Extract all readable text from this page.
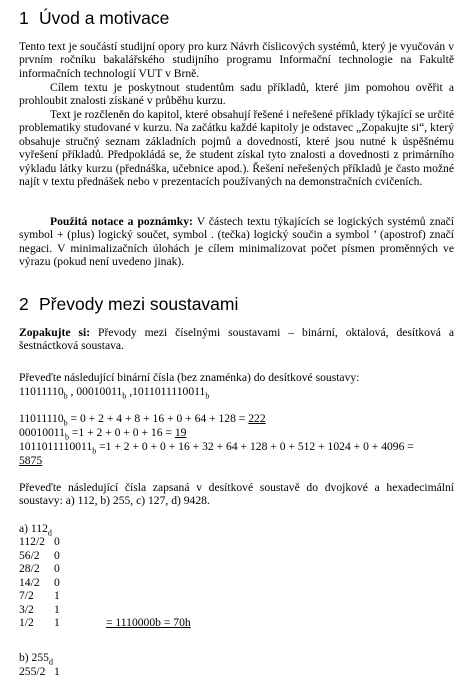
1 Úvod a motivace

Tento text je součástí studijní opory pro kurz Návrh číslicových systémů, který je vyučován v prvním ročníku bakalářského studijního programu Informační technologie na Fakultě informačních technologií VUT v Brně.

Cílem textu je poskytnout studentům sadu příkladů, které jim pomohou ověřit a prohloubit znalosti získané v průběhu kurzu.

Text je rozčleněn do kapitol, které obsahují řešené i neřešené příklady týkající se určité problematiky studované v kurzu. Na začátku každé kapitoly je odstavec „Zopakujte si“, který obsahuje stručný seznam základních pojmů a dovedností, které jsou nutné k úspěšnému vyřešení příkladů. Předpokládá se, že student získal tyto znalosti a dovednosti z primárního výkladu látky kurzu (přednáška, učebnice apod.). Řešení neřešených příkladů je často možné najít v textu přednášek nebo v prezentacích používaných na demonstračních cvičeních.

Použitá notace a poznámky: V částech textu týkajících se logických systémů značí symbol + (plus) logický součet, symbol . (tečka) logický součin a symbol ’ (apostrof) značí negaci. V minimalizačních úlohách je cílem minimalizovat počet písmen proměnných ve výrazu (pokud není uvedeno jinak).

2 Převody mezi soustavami

Zopakujte si: Převody mezi číselnými soustavami – binární, oktalová, desítková a šestnáctková soustava.

Převeďte následující binární čísla (bez znaménka) do desítkové soustavy:
$11011110_b$ , $00010011_b$ $,1011011110011_b$
$11011110_b = 0 + 2 + 4 + 8 + 16 + 0 + 64 + 128 = 222$
$00010011_b =1 + 2 + 0 + 0 + 16 = 19$
$1011011110011_b =1 + 2 + 0 + 0 + 16 + 32 + 64 + 128 + 0 + 512 + 1024 + 0 + 4096$ =
5875

Převeďte následující čísla zapsaná v desítkové soustavě do dvojkové a hexadecimální soustavy: a) 112, b) 255, c) 127, d) 9428.

a) $112_d$
112/2 0
56/2 0
28/2 0
14/2 0
7/2 1
3/2 1
1/2 1	= 1110000b = 70h
b) $255_d$
255/2 1
